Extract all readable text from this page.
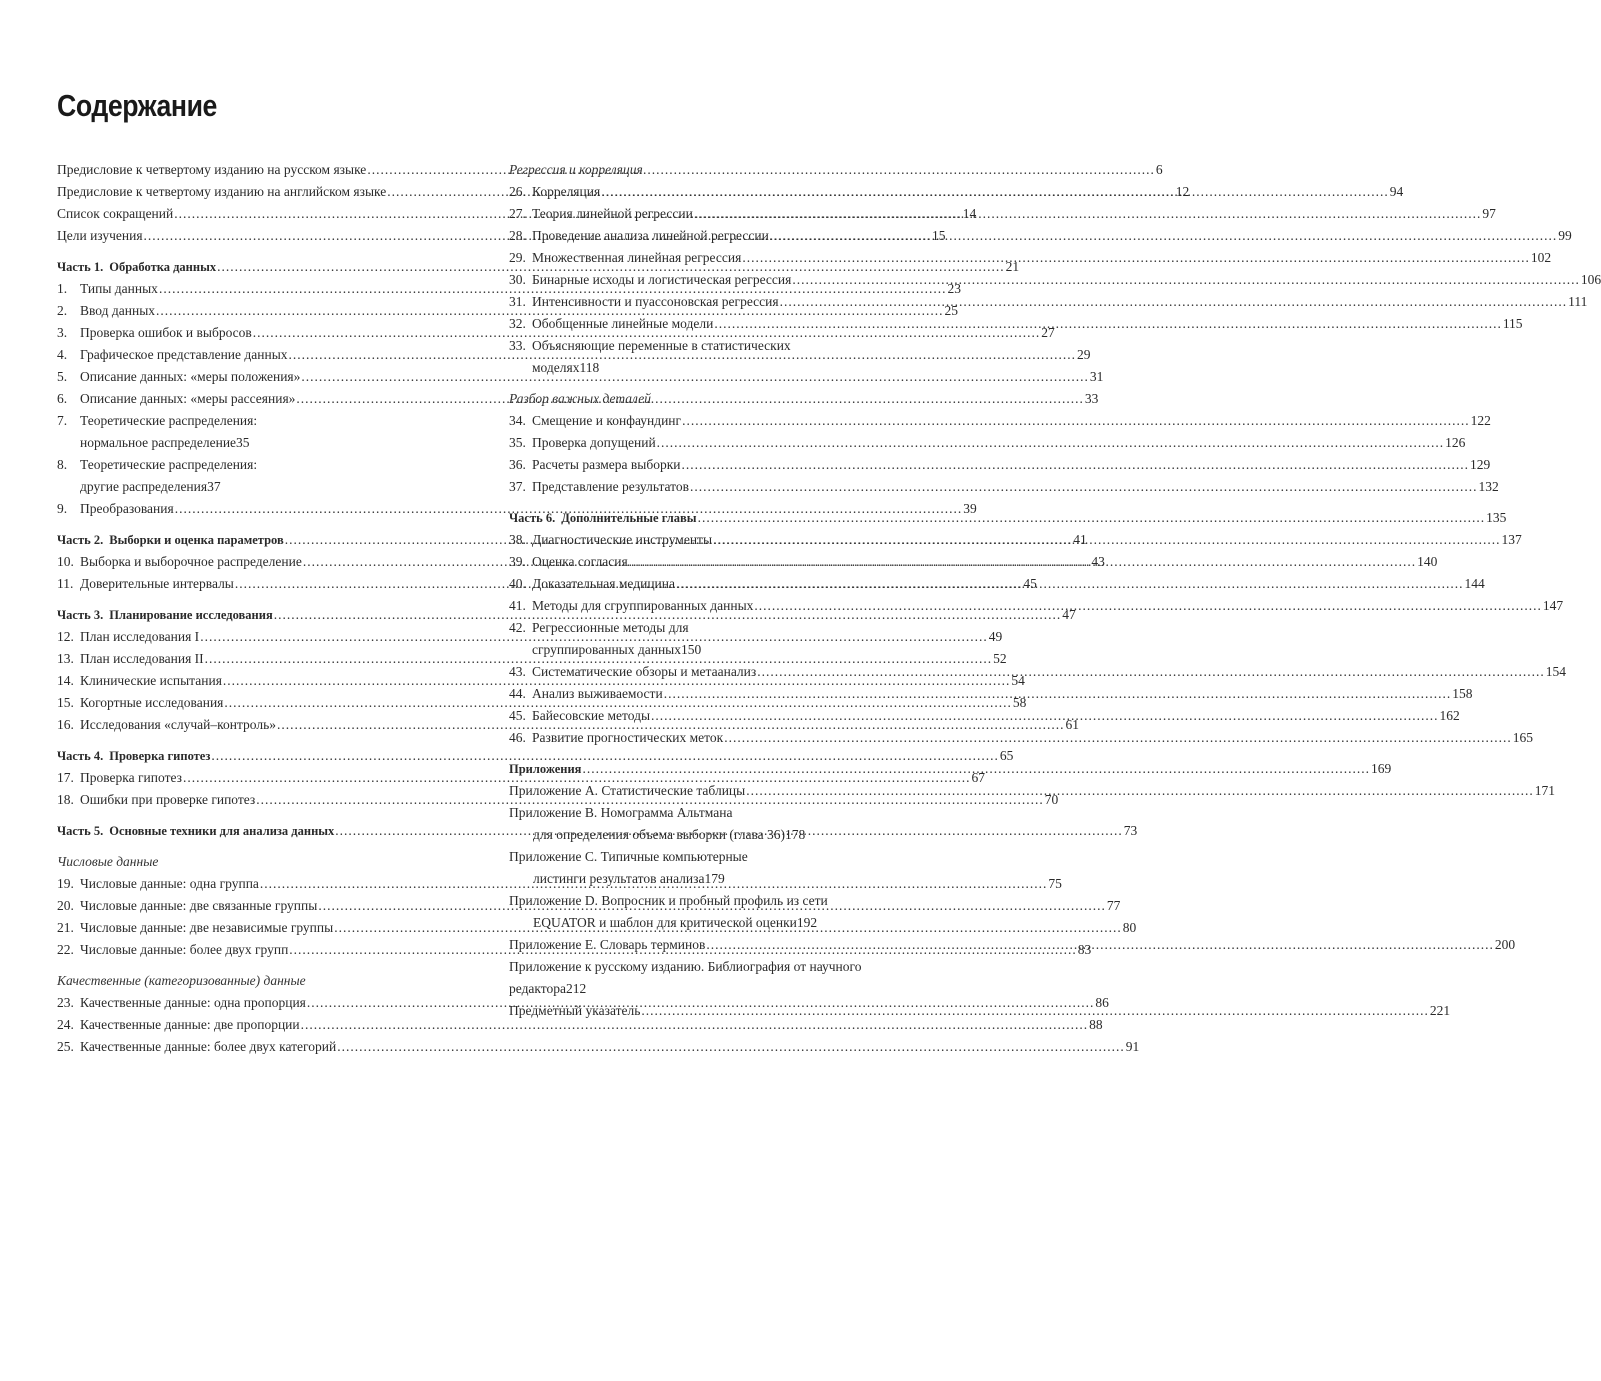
Содержание
Предисловие к четвертому изданию на русском языке .....	6
Предисловие к четвертому изданию на английском языке .....	12
Список сокращений .....	14
Цели изучения .....	15
Часть 1. Обработка данных .....	21
1. Типы данных .....	23
2. Ввод данных .....	25
3. Проверка ошибок и выбросов .....	27
4. Графическое представление данных .....	29
5. Описание данных: «меры положения» .....	31
6. Описание данных: «меры рассеяния» .....	33
7. Теоретические распределения:
нормальное распределение 35
8. Теоретические распределения:
другие распределения 37
9. Преобразования .....	39
Часть 2. Выборки и оценка параметров .....	41
10. Выборка и выборочное распределение .....	43
11. Доверительные интервалы .....	45
Часть 3. Планирование исследования .....	47
12. План исследования I .....	49
13. План исследования II .....	52
14. Клинические испытания .....	54
15. Когортные исследования .....	58
16. Исследования «случай–контроль» .....	61
Часть 4. Проверка гипотез .....	65
17. Проверка гипотез .....	67
18. Ошибки при проверке гипотез .....	70
Часть 5. Основные техники для анализа данных .....	73
Числовые данные
19. Числовые данные: одна группа .....	75
20. Числовые данные: две связанные группы .....	77
21. Числовые данные: две независимые группы .....	80
22. Числовые данные: более двух групп .....	83
Качественные (категоризованные) данные
23. Качественные данные: одна пропорция .....	86
24. Качественные данные: две пропорции .....	88
25. Качественные данные: более двух категорий .....	91
Регрессия и корреляция
26. Корреляция .....	94
27. Теория линейной регрессии .....	97
28. Проведение анализа линейной регрессии .....	99
29. Множественная линейная регрессия .....	102
30. Бинарные исходы и логистическая регрессия .....	106
31. Интенсивности и пуассоновская регрессия .....	111
32. Обобщенные линейные модели .....	115
33. Объясняющие переменные в статистических
моделях 118
Разбор важных деталей
34. Смещение и конфаундинг .....	122
35. Проверка допущений .....	126
36. Расчеты размера выборки .....	129
37. Представление результатов .....	132
Часть 6. Дополнительные главы .....	135
38. Диагностические инструменты .....	137
39. Оценка согласия .....	140
40. Доказательная медицина .....	144
41. Методы для сгруппированных данных .....	147
42. Регрессионные методы для
сгруппированных данных 150
43. Систематические обзоры и метаанализ .....	154
44. Анализ выживаемости .....	158
45. Байесовские методы .....	162
46. Развитие прогностических меток .....	165
Приложения .....	169
Приложение A. Статистические таблицы .....	171
Приложение B. Номограмма Альтмана
для определения объема выборки (глава 36) 178
Приложение C. Типичные компьютерные
листинги результатов анализа 179
Приложение D. Вопросник и пробный профиль из сети
EQUATOR и шаблон для критической оценки 192
Приложение E. Словарь терминов .....	200
Приложение к русскому изданию. Библиография от научного
редактора 212
Предметный указатель .....	221
